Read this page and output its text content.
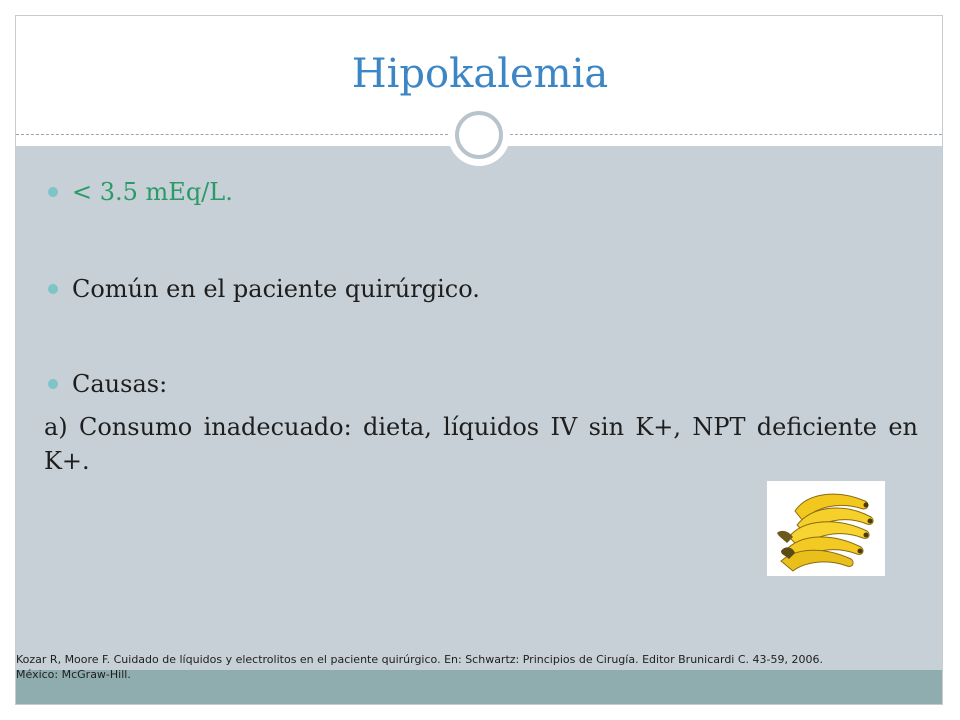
Hipokalemia
< 3.5 mEq/L.
Común en el paciente quirúrgico.
Causas:
a) Consumo inadecuado: dieta, líquidos IV sin K+, NPT deficiente en K+.
Kozar R, Moore F. Cuidado de líquidos y electrolitos en el paciente quirúrgico. En: Schwartz: Principios de Cirugía. Editor Brunicardi C. 43-59, 2006.
México: McGraw-Hill.
